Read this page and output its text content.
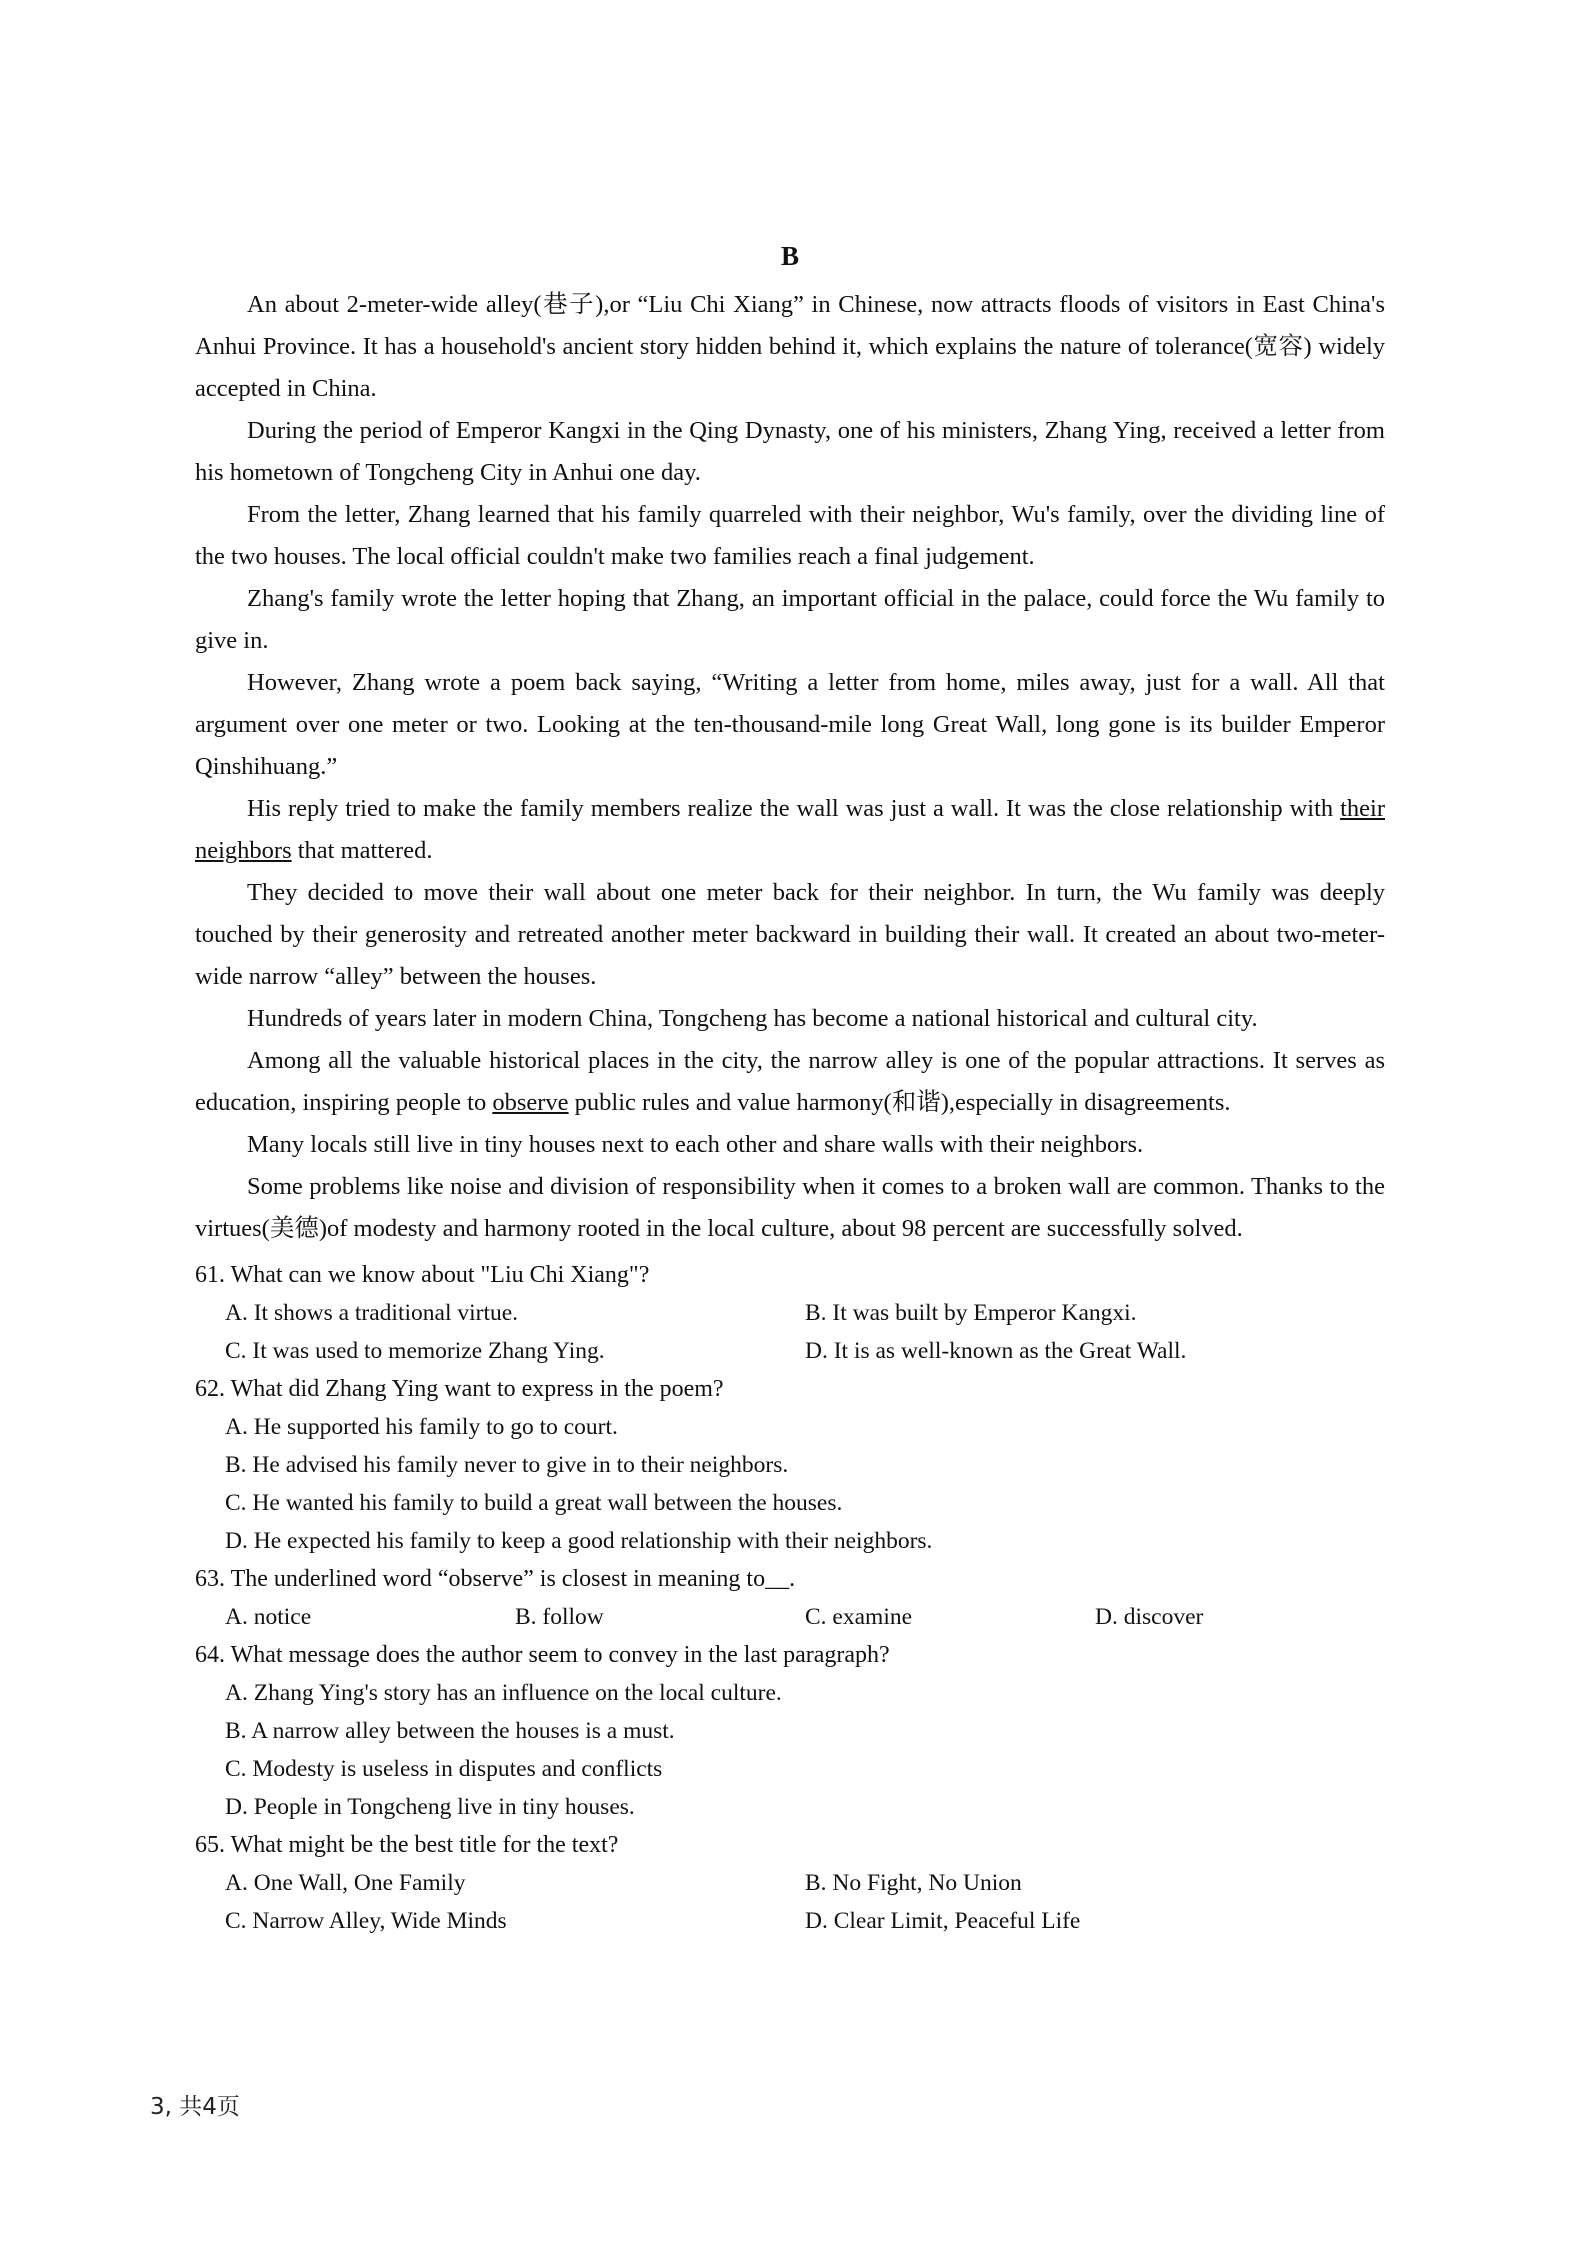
B

An about 2-meter-wide alley(巷子),or “Liu Chi Xiang” in Chinese, now attracts floods of visitors in East China's Anhui Province. It has a household's ancient story hidden behind it, which explains the nature of tolerance(宽容) widely accepted in China.

During the period of Emperor Kangxi in the Qing Dynasty, one of his ministers, Zhang Ying, received a letter from his hometown of Tongcheng City in Anhui one day.

From the letter, Zhang learned that his family quarreled with their neighbor, Wu's family, over the dividing line of the two houses. The local official couldn't make two families reach a final judgement.

Zhang's family wrote the letter hoping that Zhang, an important official in the palace, could force the Wu family to give in.

However, Zhang wrote a poem back saying, “Writing a letter from home, miles away, just for a wall. All that argument over one meter or two. Looking at the ten-thousand-mile long Great Wall, long gone is its builder Emperor Qinshihuang.”

His reply tried to make the family members realize the wall was just a wall. It was the close relationship with their neighbors that mattered.

They decided to move their wall about one meter back for their neighbor. In turn, the Wu family was deeply touched by their generosity and retreated another meter backward in building their wall. It created an about two-meter-wide narrow “alley” between the houses.

Hundreds of years later in modern China, Tongcheng has become a national historical and cultural city.

Among all the valuable historical places in the city, the narrow alley is one of the popular attractions. It serves as education, inspiring people to observe public rules and value harmony(和谐),especially in disagreements.

Many locals still live in tiny houses next to each other and share walls with their neighbors.

Some problems like noise and division of responsibility when it comes to a broken wall are common. Thanks to the virtues(美德)of modesty and harmony rooted in the local culture, about 98 percent are successfully solved.

61. What can we know about "Liu Chi Xiang"?

A. It shows a traditional virtue.	B. It was built by Emperor Kangxi.

C. It was used to memorize Zhang Ying.	D. It is as well-known as the Great Wall.

62. What did Zhang Ying want to express in the poem?

A. He supported his family to go to court.

B. He advised his family never to give in to their neighbors.

C. He wanted his family to build a great wall between the houses.

D. He expected his family to keep a good relationship with their neighbors.

63. The underlined word “observe” is closest in meaning to__.

A. notice	B. follow	C. examine	D. discover

64. What message does the author seem to convey in the last paragraph?

A. Zhang Ying's story has an influence on the local culture.

B. A narrow alley between the houses is a must.

C. Modesty is useless in disputes and conflicts

D. People in Tongcheng live in tiny houses.

65. What might be the best title for the text?

A. One Wall, One Family	B. No Fight, No Union

C. Narrow Alley, Wide Minds	D. Clear Limit, Peaceful Life

3, 共4页
